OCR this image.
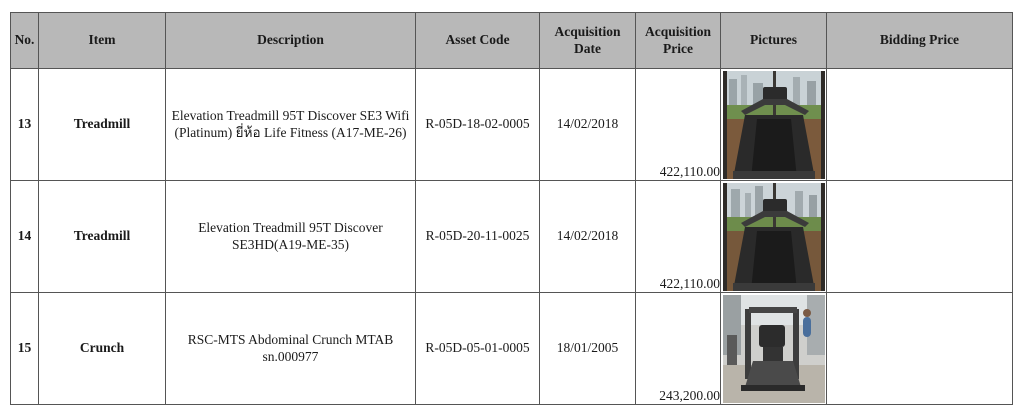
No.	Item	Description	Asset Code	Acquisition Date	Acquisition Price	Pictures	Bidding Price
13	Treadmill	Elevation Treadmill 95T Discover SE3 Wifi (Platinum) ยี่ห้อ Life Fitness (A17-ME-26)	R-05D-18-02-0005	14/02/2018	422,110.00

14	Treadmill	Elevation Treadmill 95T Discover SE3HD(A19-ME-35)	R-05D-20-11-0025	14/02/2018	422,110.00

15	Crunch	RSC-MTS Abdominal Crunch MTAB sn.000977	R-05D-05-01-0005	18/01/2005	243,200.00
